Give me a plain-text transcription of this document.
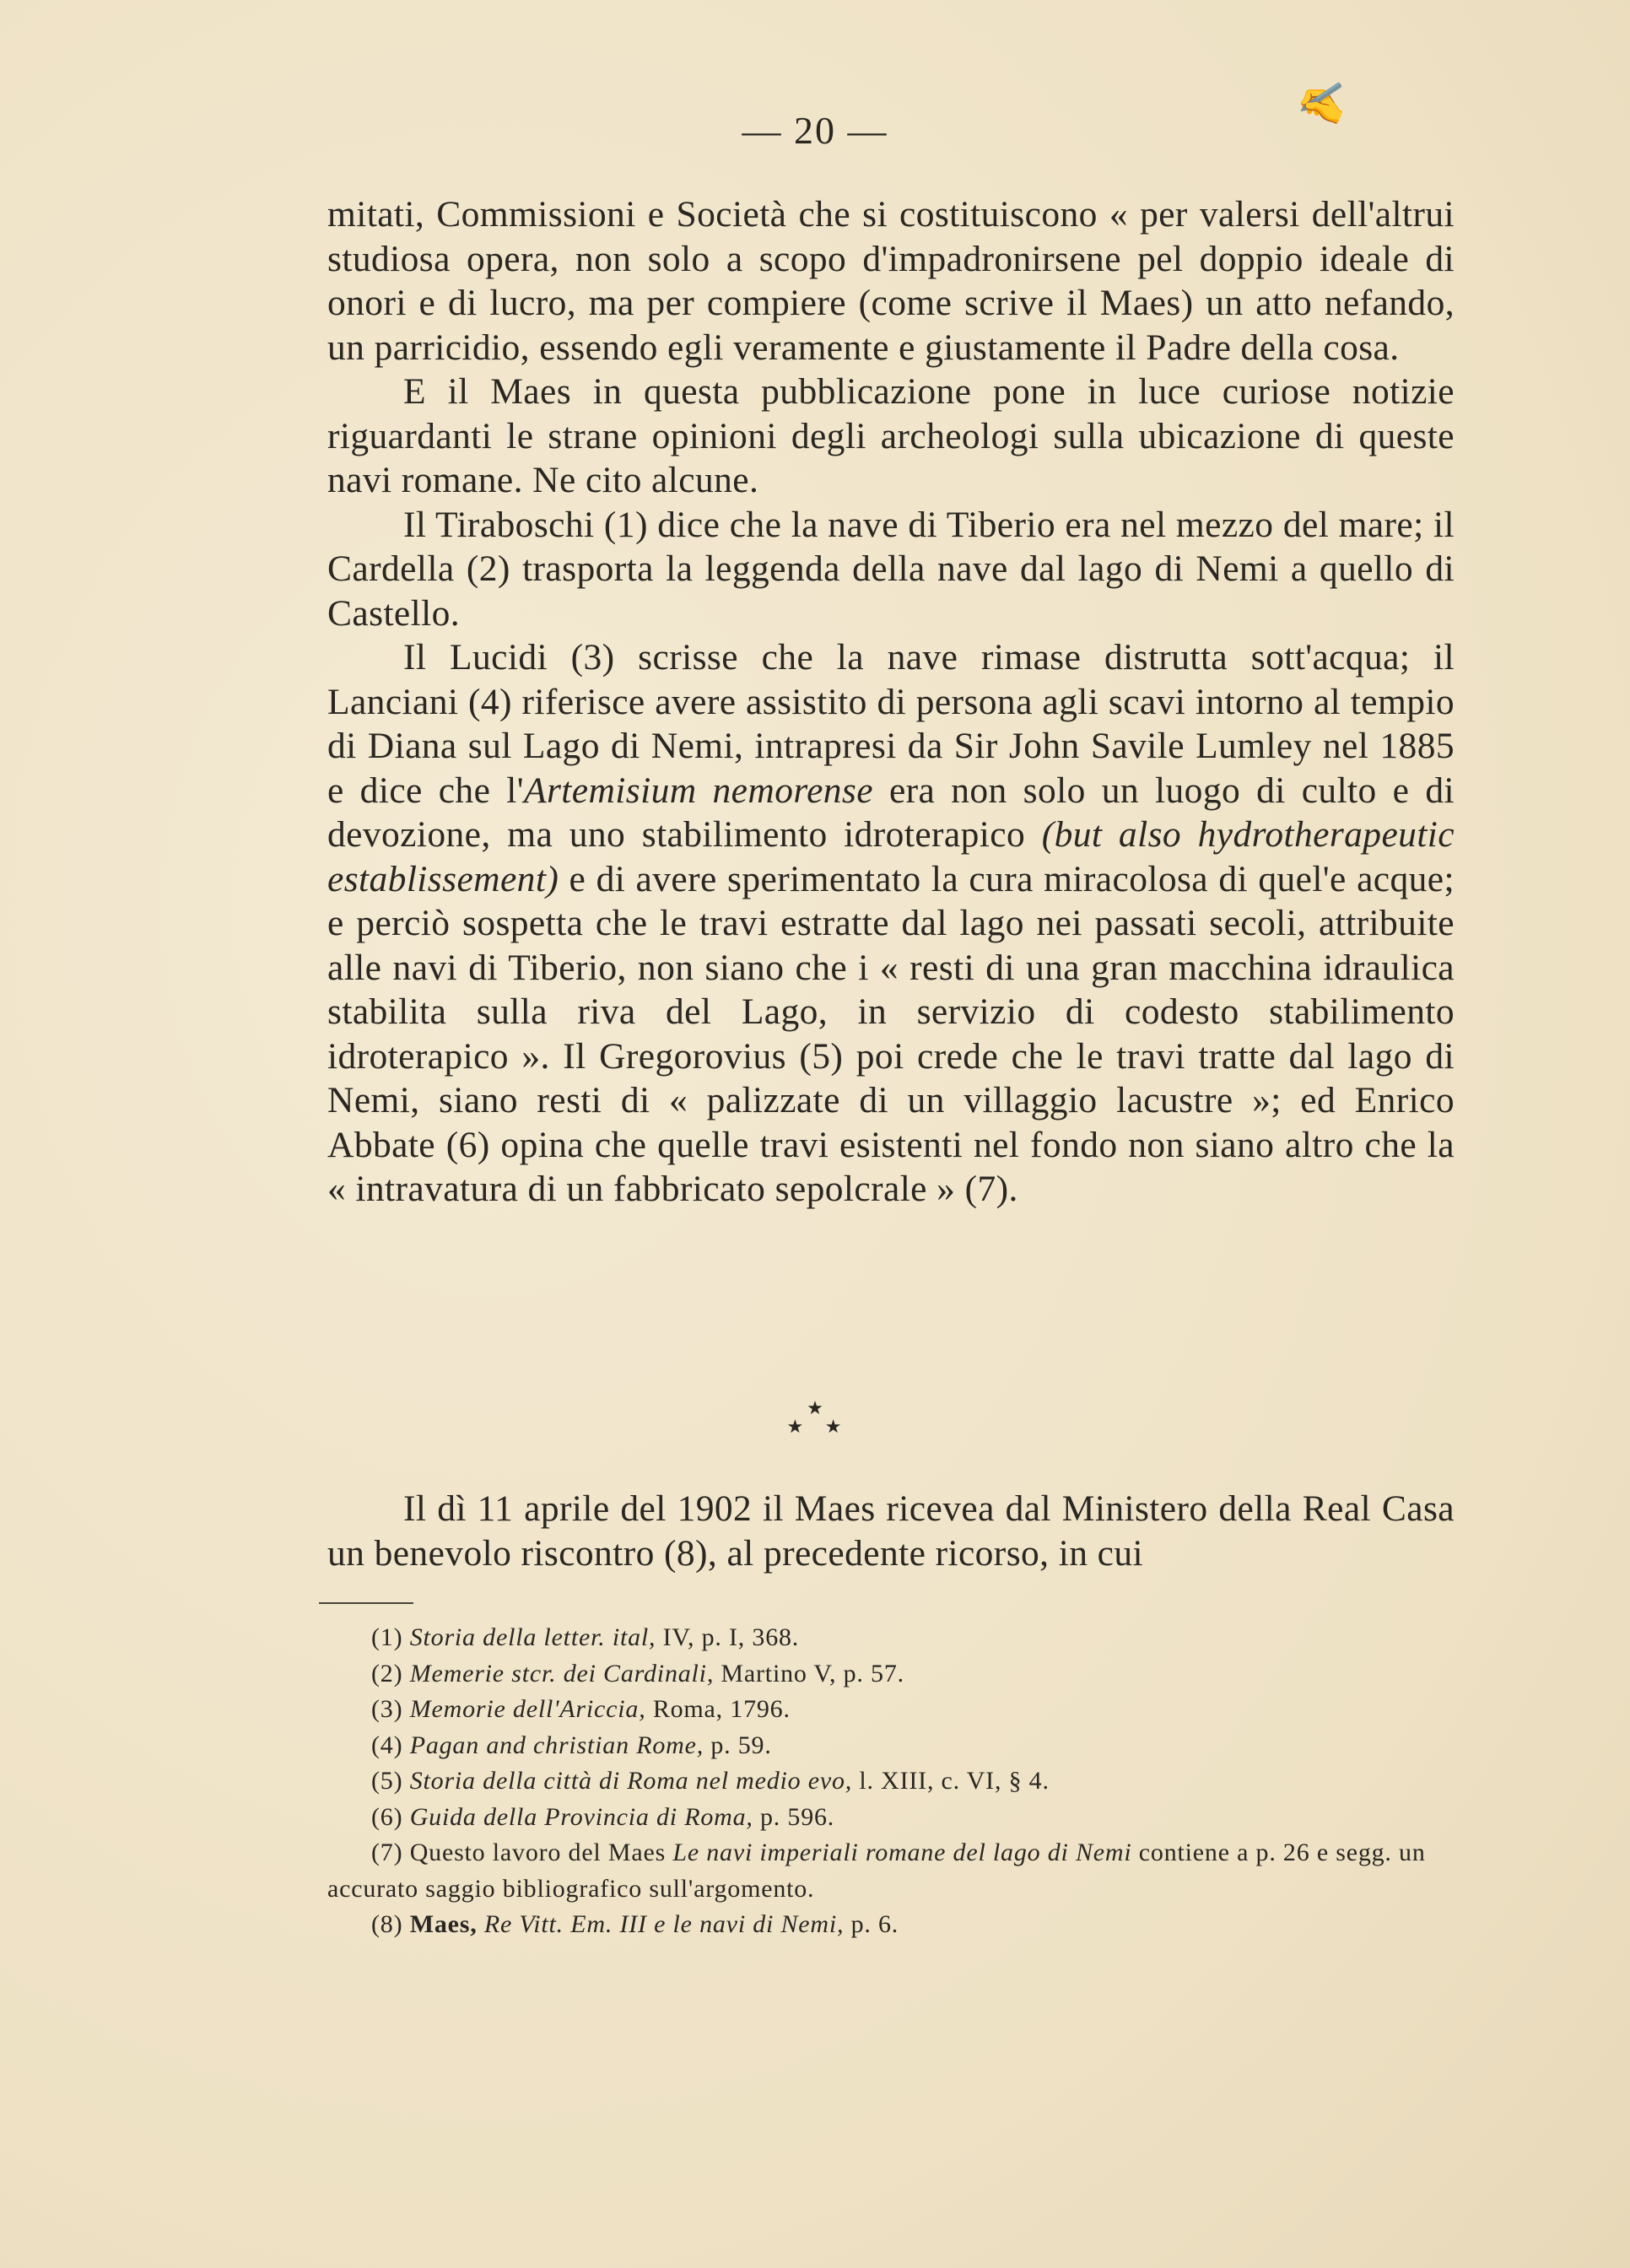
— 20 —	✍

mitati, Commissioni e Società che si costituiscono « per valersi dell'altrui studiosa opera, non solo a scopo d'impadronirsene pel doppio ideale di onori e di lucro, ma per compiere (come scrive il Maes) un atto nefando, un parricidio, essendo egli veramente e giustamente il Padre della cosa.

E il Maes in questa pubblicazione pone in luce curiose notizie riguardanti le strane opinioni degli archeologi sulla ubicazione di queste navi romane. Ne cito alcune.

Il Tiraboschi (1) dice che la nave di Tiberio era nel mezzo del mare; il Cardella (2) trasporta la leggenda della nave dal lago di Nemi a quello di Castello.

Il Lucidi (3) scrisse che la nave rimase distrutta sott'acqua; il Lanciani (4) riferisce avere assistito di persona agli scavi intorno al tempio di Diana sul Lago di Nemi, intrapresi da Sir John Savile Lumley nel 1885 e dice che l'Artemisium nemorense era non solo un luogo di culto e di devozione, ma uno stabilimento idroterapico (but also hydrotherapeutic establissement) e di avere sperimentato la cura miracolosa di quel'e acque; e perciò sospetta che le travi estratte dal lago nei passati secoli, attribuite alle navi di Tiberio, non siano che i « resti di una gran macchina idraulica stabilita sulla riva del Lago, in servizio di codesto stabilimento idroterapico ». Il Gregorovius (5) poi crede che le travi tratte dal lago di Nemi, siano resti di « palizzate di un villaggio lacustre »; ed Enrico Abbate (6) opina che quelle travi esistenti nel fondo non siano altro che la « intravatura di un fabbricato sepolcrale » (7).

★
★ ★

Il dì 11 aprile del 1902 il Maes ricevea dal Ministero della Real Casa un benevolo riscontro (8), al precedente ricorso, in cui

(1) Storia della letter. ital, IV, p. I, 368.

(2) Memerie stcr. dei Cardinali, Martino V, p. 57.

(3) Memorie dell'Ariccia, Roma, 1796.

(4) Pagan and christian Rome, p. 59.

(5) Storia della città di Roma nel medio evo, l. XIII, c. VI, § 4.

(6) Guida della Provincia di Roma, p. 596.

(7) Questo lavoro del Maes Le navi imperiali romane del lago di Nemi contiene a p. 26 e segg. un accurato saggio bibliografico sull'argomento.

(8) Maes, Re Vitt. Em. III e le navi di Nemi, p. 6.
